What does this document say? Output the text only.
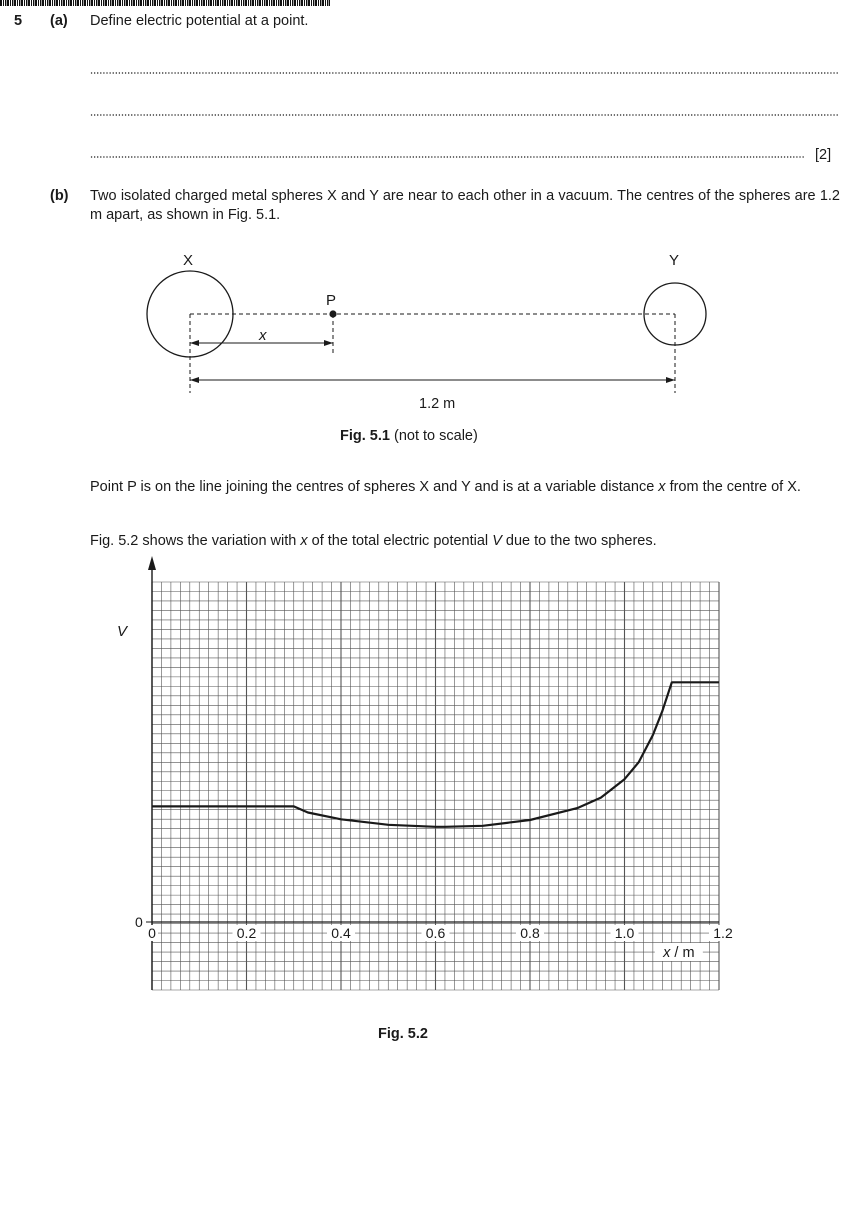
5 (a) Define electric potential at a point.
[2]
(b) Two isolated charged metal spheres X and Y are near to each other in a vacuum. The centres of the spheres are 1.2 m apart, as shown in Fig. 5.1.
X	Y
P
x
1.2 m
Fig. 5.1 (not to scale)
Point P is on the line joining the centres of spheres X and Y and is at a variable distance x from the centre of X.
Fig. 5.2 shows the variation with x of the total electric potential V due to the two spheres.
0
0	0.2	0.4	0.6	0.8	1.0	1.2
x / m
V
Fig. 5.2
